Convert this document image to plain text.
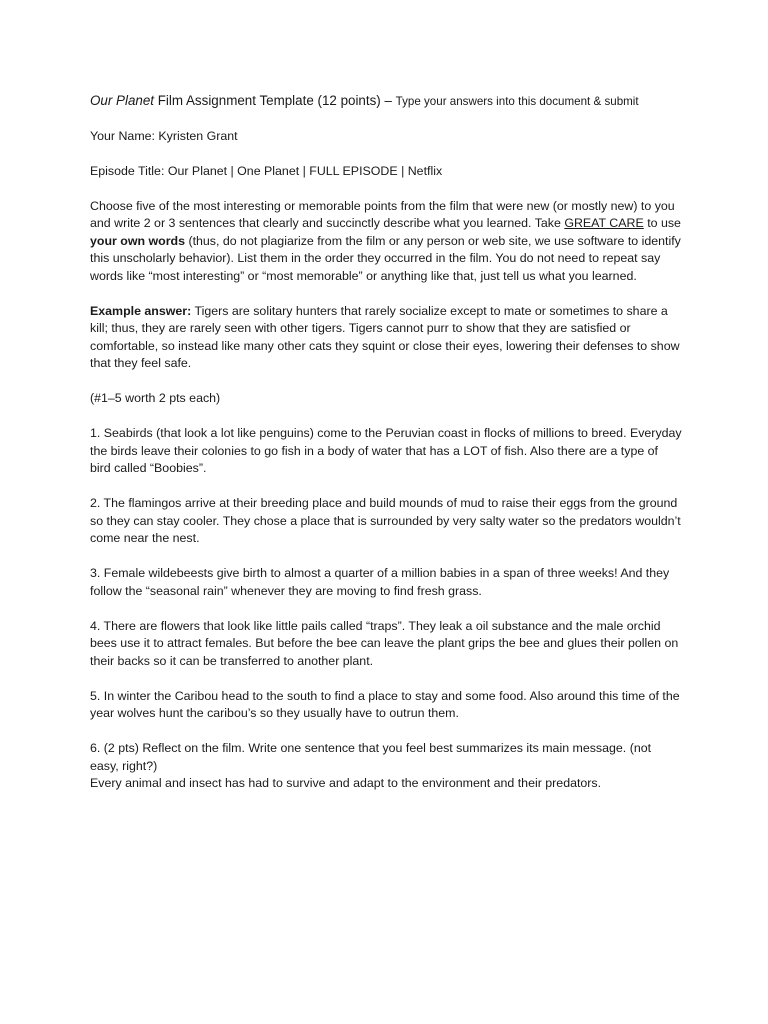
Our Planet Film Assignment Template (12 points) – Type your answers into this document & submit

Your Name: Kyristen Grant

Episode Title: Our Planet | One Planet | FULL EPISODE | Netflix

Choose five of the most interesting or memorable points from the film that were new (or mostly new) to you and write 2 or 3 sentences that clearly and succinctly describe what you learned. Take GREAT CARE to use your own words (thus, do not plagiarize from the film or any person or web site, we use software to identify this unscholarly behavior). List them in the order they occurred in the film. You do not need to repeat say words like “most interesting” or “most memorable” or anything like that, just tell us what you learned.

Example answer: Tigers are solitary hunters that rarely socialize except to mate or sometimes to share a kill; thus, they are rarely seen with other tigers. Tigers cannot purr to show that they are satisfied or comfortable, so instead like many other cats they squint or close their eyes, lowering their defenses to show that they feel safe.

(#1–5 worth 2 pts each)

1. Seabirds (that look a lot like penguins) come to the Peruvian coast in flocks of millions to breed. Everyday the birds leave their colonies to go fish in a body of water that has a LOT of fish. Also there are a type of bird called “Boobies”.

2. The flamingos arrive at their breeding place and build mounds of mud to raise their eggs from the ground so they can stay cooler. They chose a place that is surrounded by very salty water so the predators wouldn’t come near the nest.

3. Female wildebeests give birth to almost a quarter of a million babies in a span of three weeks! And they follow the “seasonal rain” whenever they are moving to find fresh grass.

4. There are flowers that look like little pails called “traps”. They leak a oil substance and the male orchid bees use it to attract females. But before the bee can leave the plant grips the bee and glues their pollen on their backs so it can be transferred to another plant.

5. In winter the Caribou head to the south to find a place to stay and some food. Also around this time of the year wolves hunt the caribou’s so they usually have to outrun them.

6. (2 pts) Reflect on the film. Write one sentence that you feel best summarizes its main message. (not easy, right?)
Every animal and insect has had to survive and adapt to the environment and their predators.
